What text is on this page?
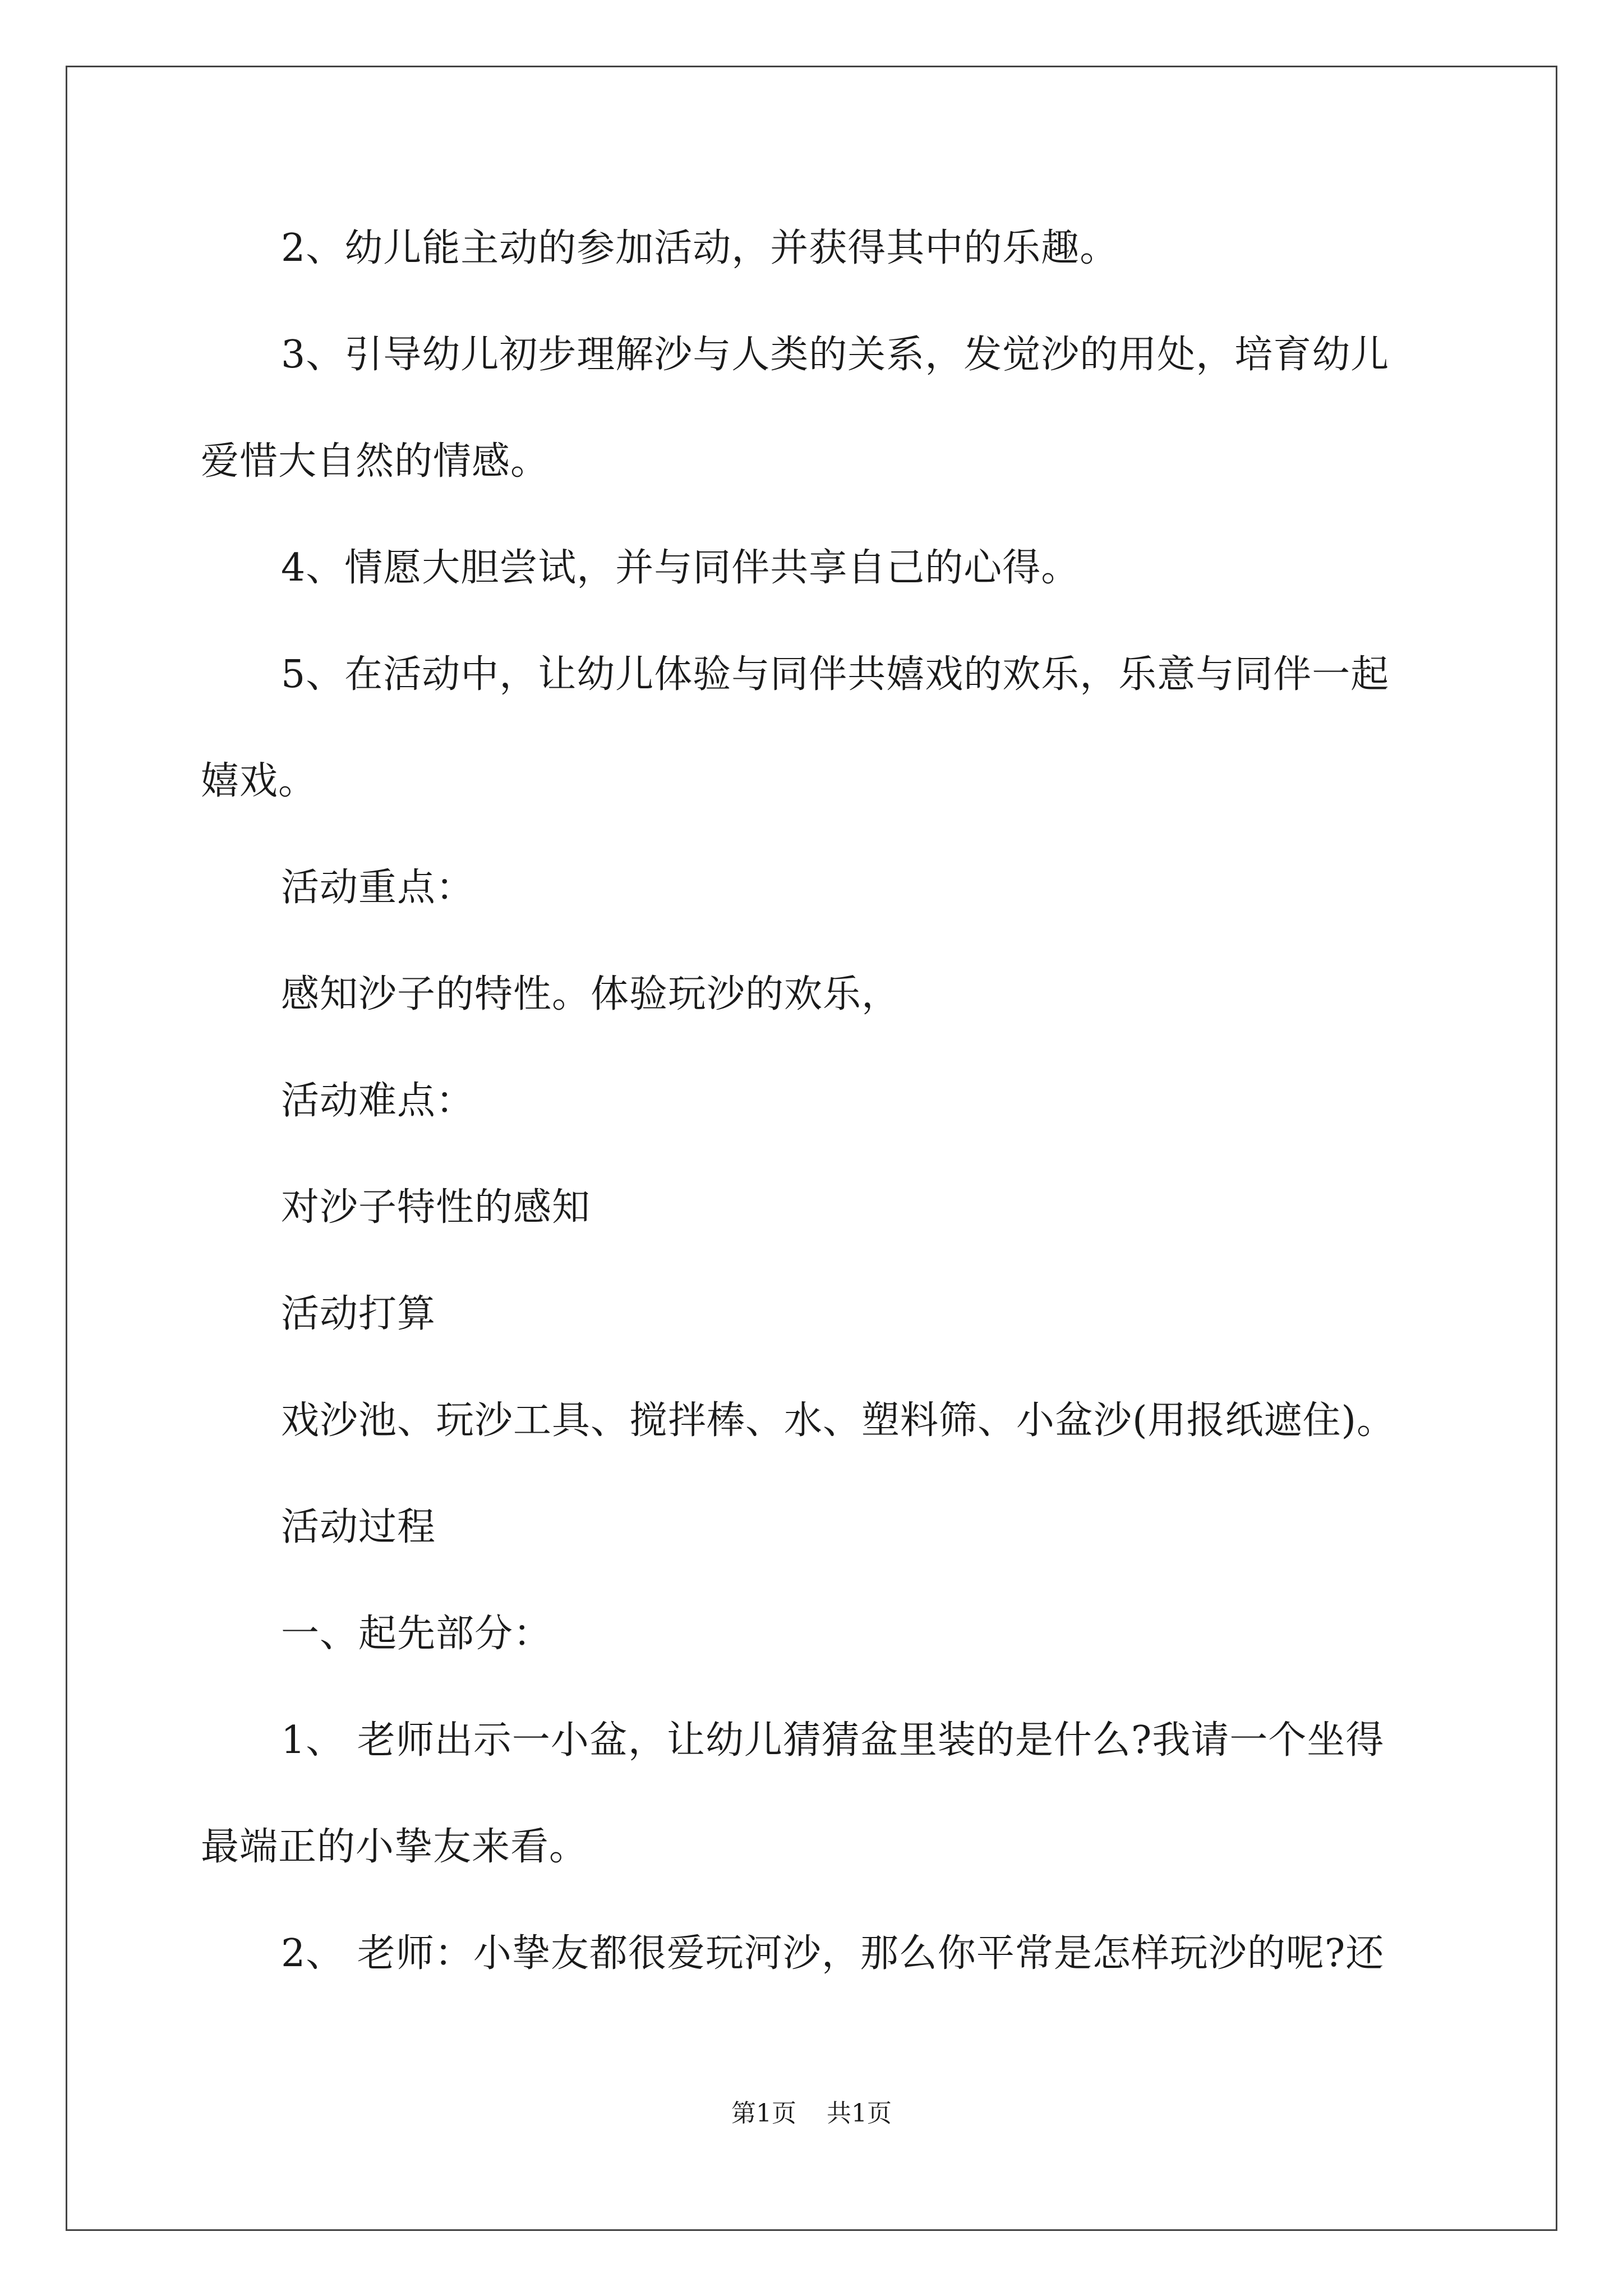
2、幼儿能主动的参加活动，并获得其中的乐趣。
3、引导幼儿初步理解沙与人类的关系，发觉沙的用处，培育幼儿
爱惜大自然的情感。
4、情愿大胆尝试，并与同伴共享自己的心得。
5、在活动中，让幼儿体验与同伴共嬉戏的欢乐，乐意与同伴一起
嬉戏。
活动重点：
感知沙子的特性。体验玩沙的欢乐，
活动难点：
对沙子特性的感知
活动打算
戏沙池、玩沙工具、搅拌棒、水、塑料筛、小盆沙(用报纸遮住)。
活动过程
一、起先部分：
1、 老师出示一小盆，让幼儿猜猜盆里装的是什么?我请一个坐得
最端正的小挚友来看。
2、 老师：小挚友都很爱玩河沙，那么你平常是怎样玩沙的呢?还
第1页 共1页
